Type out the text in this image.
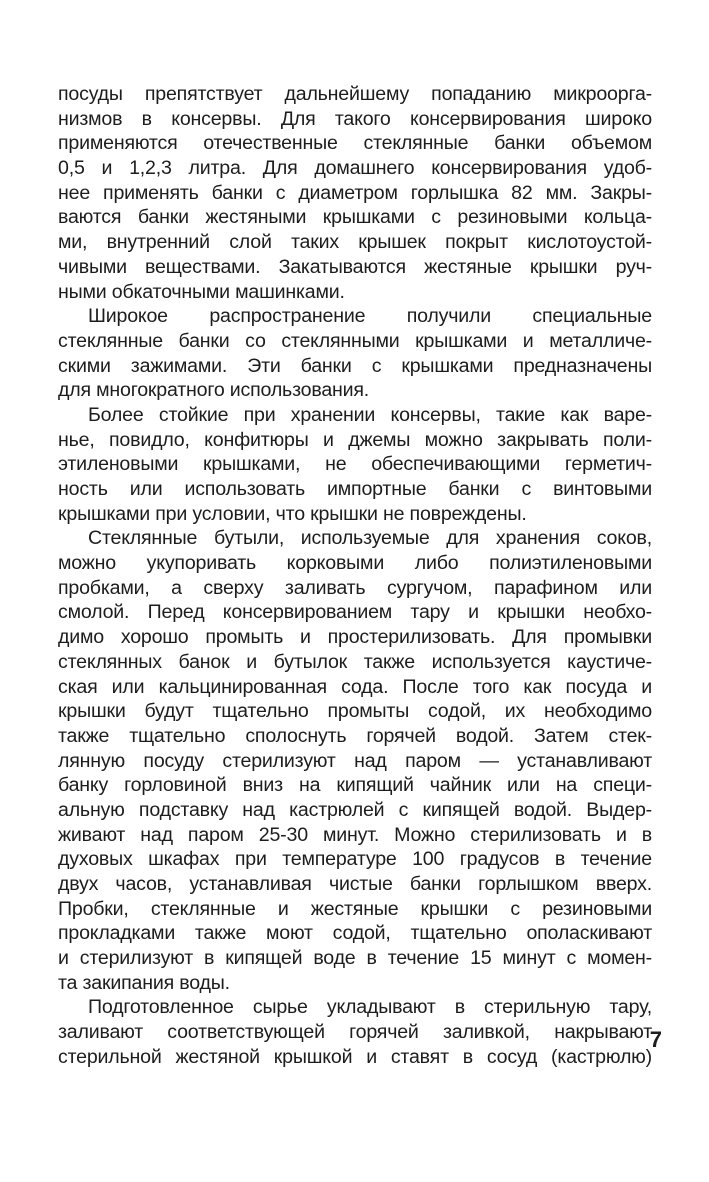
посуды препятствует дальнейшему попаданию микроорга-
низмов в консервы. Для такого консервирования широко
применяются отечественные стеклянные банки объемом
0,5 и 1,2,3 литра. Для домашнего консервирования удоб-
нее применять банки с диаметром горлышка 82 мм. Закры-
ваются банки жестяными крышками с резиновыми кольца-
ми, внутренний слой таких крышек покрыт кислотоустой-
чивыми веществами. Закатываются жестяные крышки руч-
ными обкаточными машинками.
Широкое распространение получили специальные
стеклянные банки со стеклянными крышками и металличе-
скими зажимами. Эти банки с крышками предназначены
для многократного использования.
Более стойкие при хранении консервы, такие как варе-
нье, повидло, конфитюры и джемы можно закрывать поли-
этиленовыми крышками, не обеспечивающими герметич-
ность или использовать импортные банки с винтовыми
крышками при условии, что крышки не повреждены.
Стеклянные бутыли, используемые для хранения соков,
можно укупоривать корковыми либо полиэтиленовыми
пробками, а сверху заливать сургучом, парафином или
смолой. Перед консервированием тару и крышки необхо-
димо хорошо промыть и простерилизовать. Для промывки
стеклянных банок и бутылок также используется каустиче-
ская или кальцинированная сода. После того как посуда и
крышки будут тщательно промыты содой, их необходимо
также тщательно сполоснуть горячей водой. Затем стек-
лянную посуду стерилизуют над паром — устанавливают
банку горловиной вниз на кипящий чайник или на специ-
альную подставку над кастрюлей с кипящей водой. Выдер-
живают над паром 25-30 минут. Можно стерилизовать и в
духовых шкафах при температуре 100 градусов в течение
двух часов, устанавливая чистые банки горлышком вверх.
Пробки, стеклянные и жестяные крышки с резиновыми
прокладками также моют содой, тщательно ополаскивают
и стерилизуют в кипящей воде в течение 15 минут с момен-
та закипания воды.
Подготовленное сырье укладывают в стерильную тару,
заливают соответствующей горячей заливкой, накрывают
стерильной жестяной крышкой и ставят в сосуд (кастрюлю)
7
